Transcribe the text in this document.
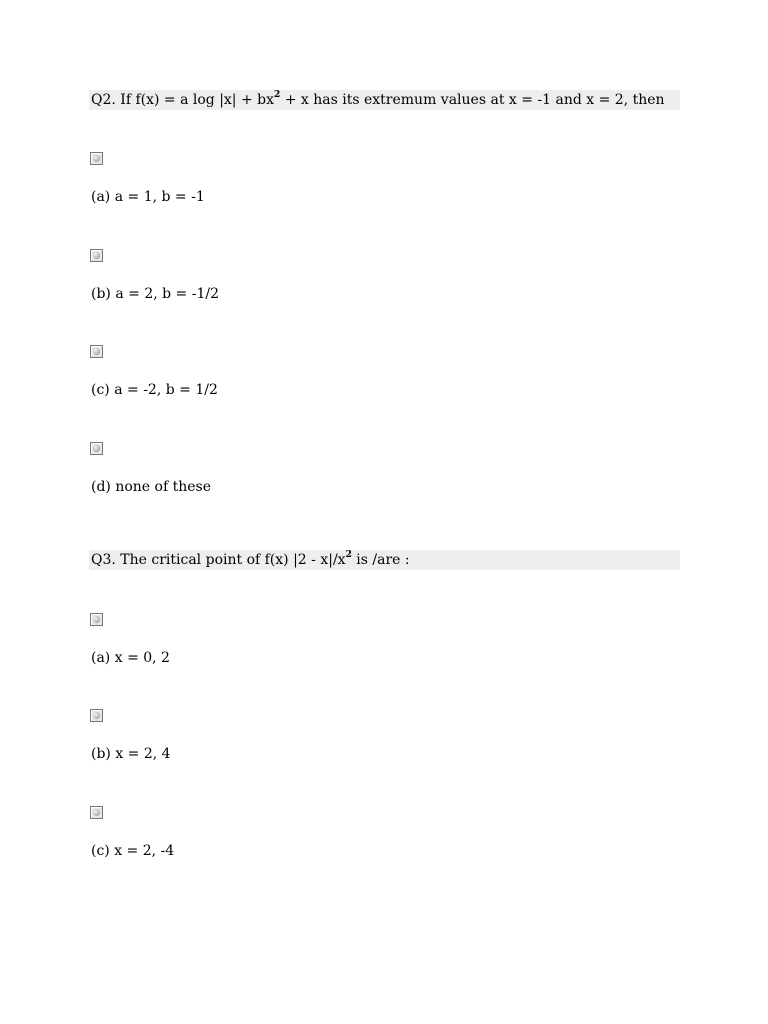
Q2. If f(x) = a $\log |x| + bx^2 + x$ has its extremum values at x = -1 and x = 2, then
(a) a = 1, b = -1
(b) a = 2, b = -1/2
(c) a = -2, b = 1/2
(d) none of these
Q3. The critical point of f(x) $|2 - x|/x^2$ is /are :
(a) x = 0, 2
(b) x = 2, 4
(c) x = 2, -4
